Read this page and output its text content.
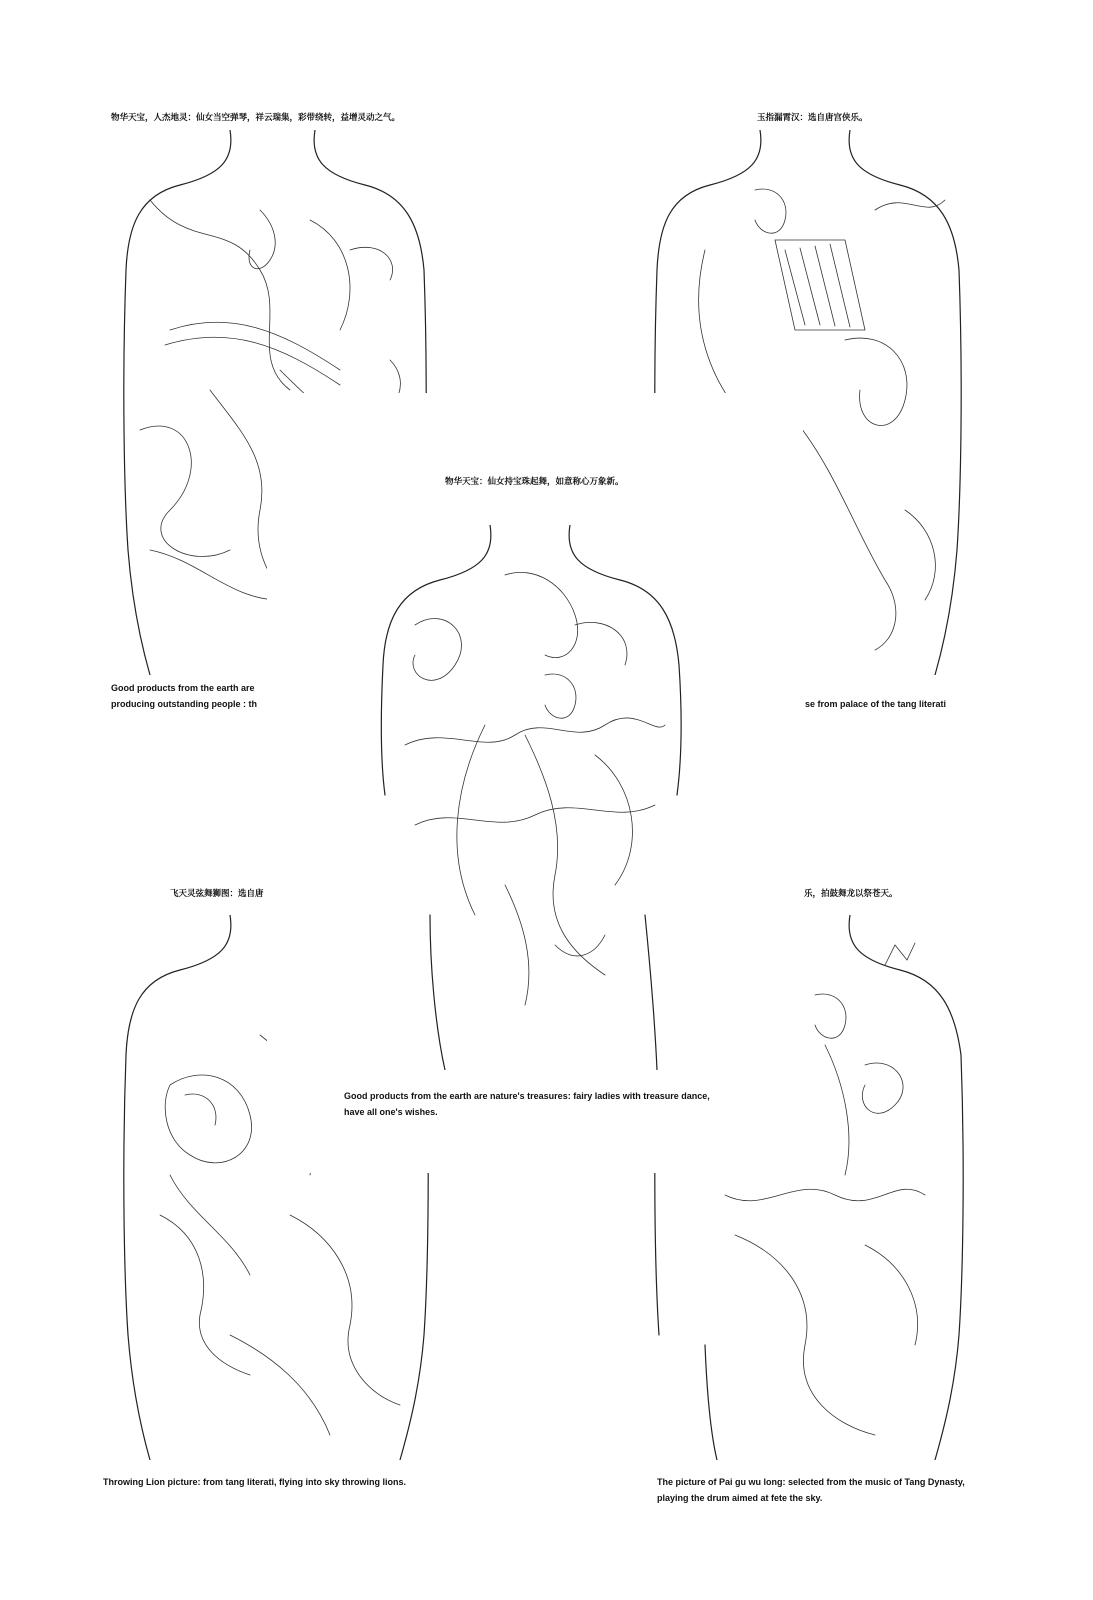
物华天宝，人杰地灵：仙女当空弹琴，祥云瑞集，彩带绕转，益增灵动之气。
Good products from the earth are
producing outstanding people : th
玉指漏霄汉：选自唐宫侠乐。
se from palace of the tang literati
飞天灵弦舞狮图：选自唐
Throwing Lion picture: from tang literati, flying into sky throwing lions.
乐，拍鼓舞龙以祭苍天。
The picture of Pai gu wu long: selected from the music of Tang Dynasty,
playing the drum aimed at fete the sky.
物华天宝：仙女持宝珠起舞，如意称心万象新。
Good products from the earth are nature's treasures: fairy ladies with treasure dance,
have all one's wishes.
